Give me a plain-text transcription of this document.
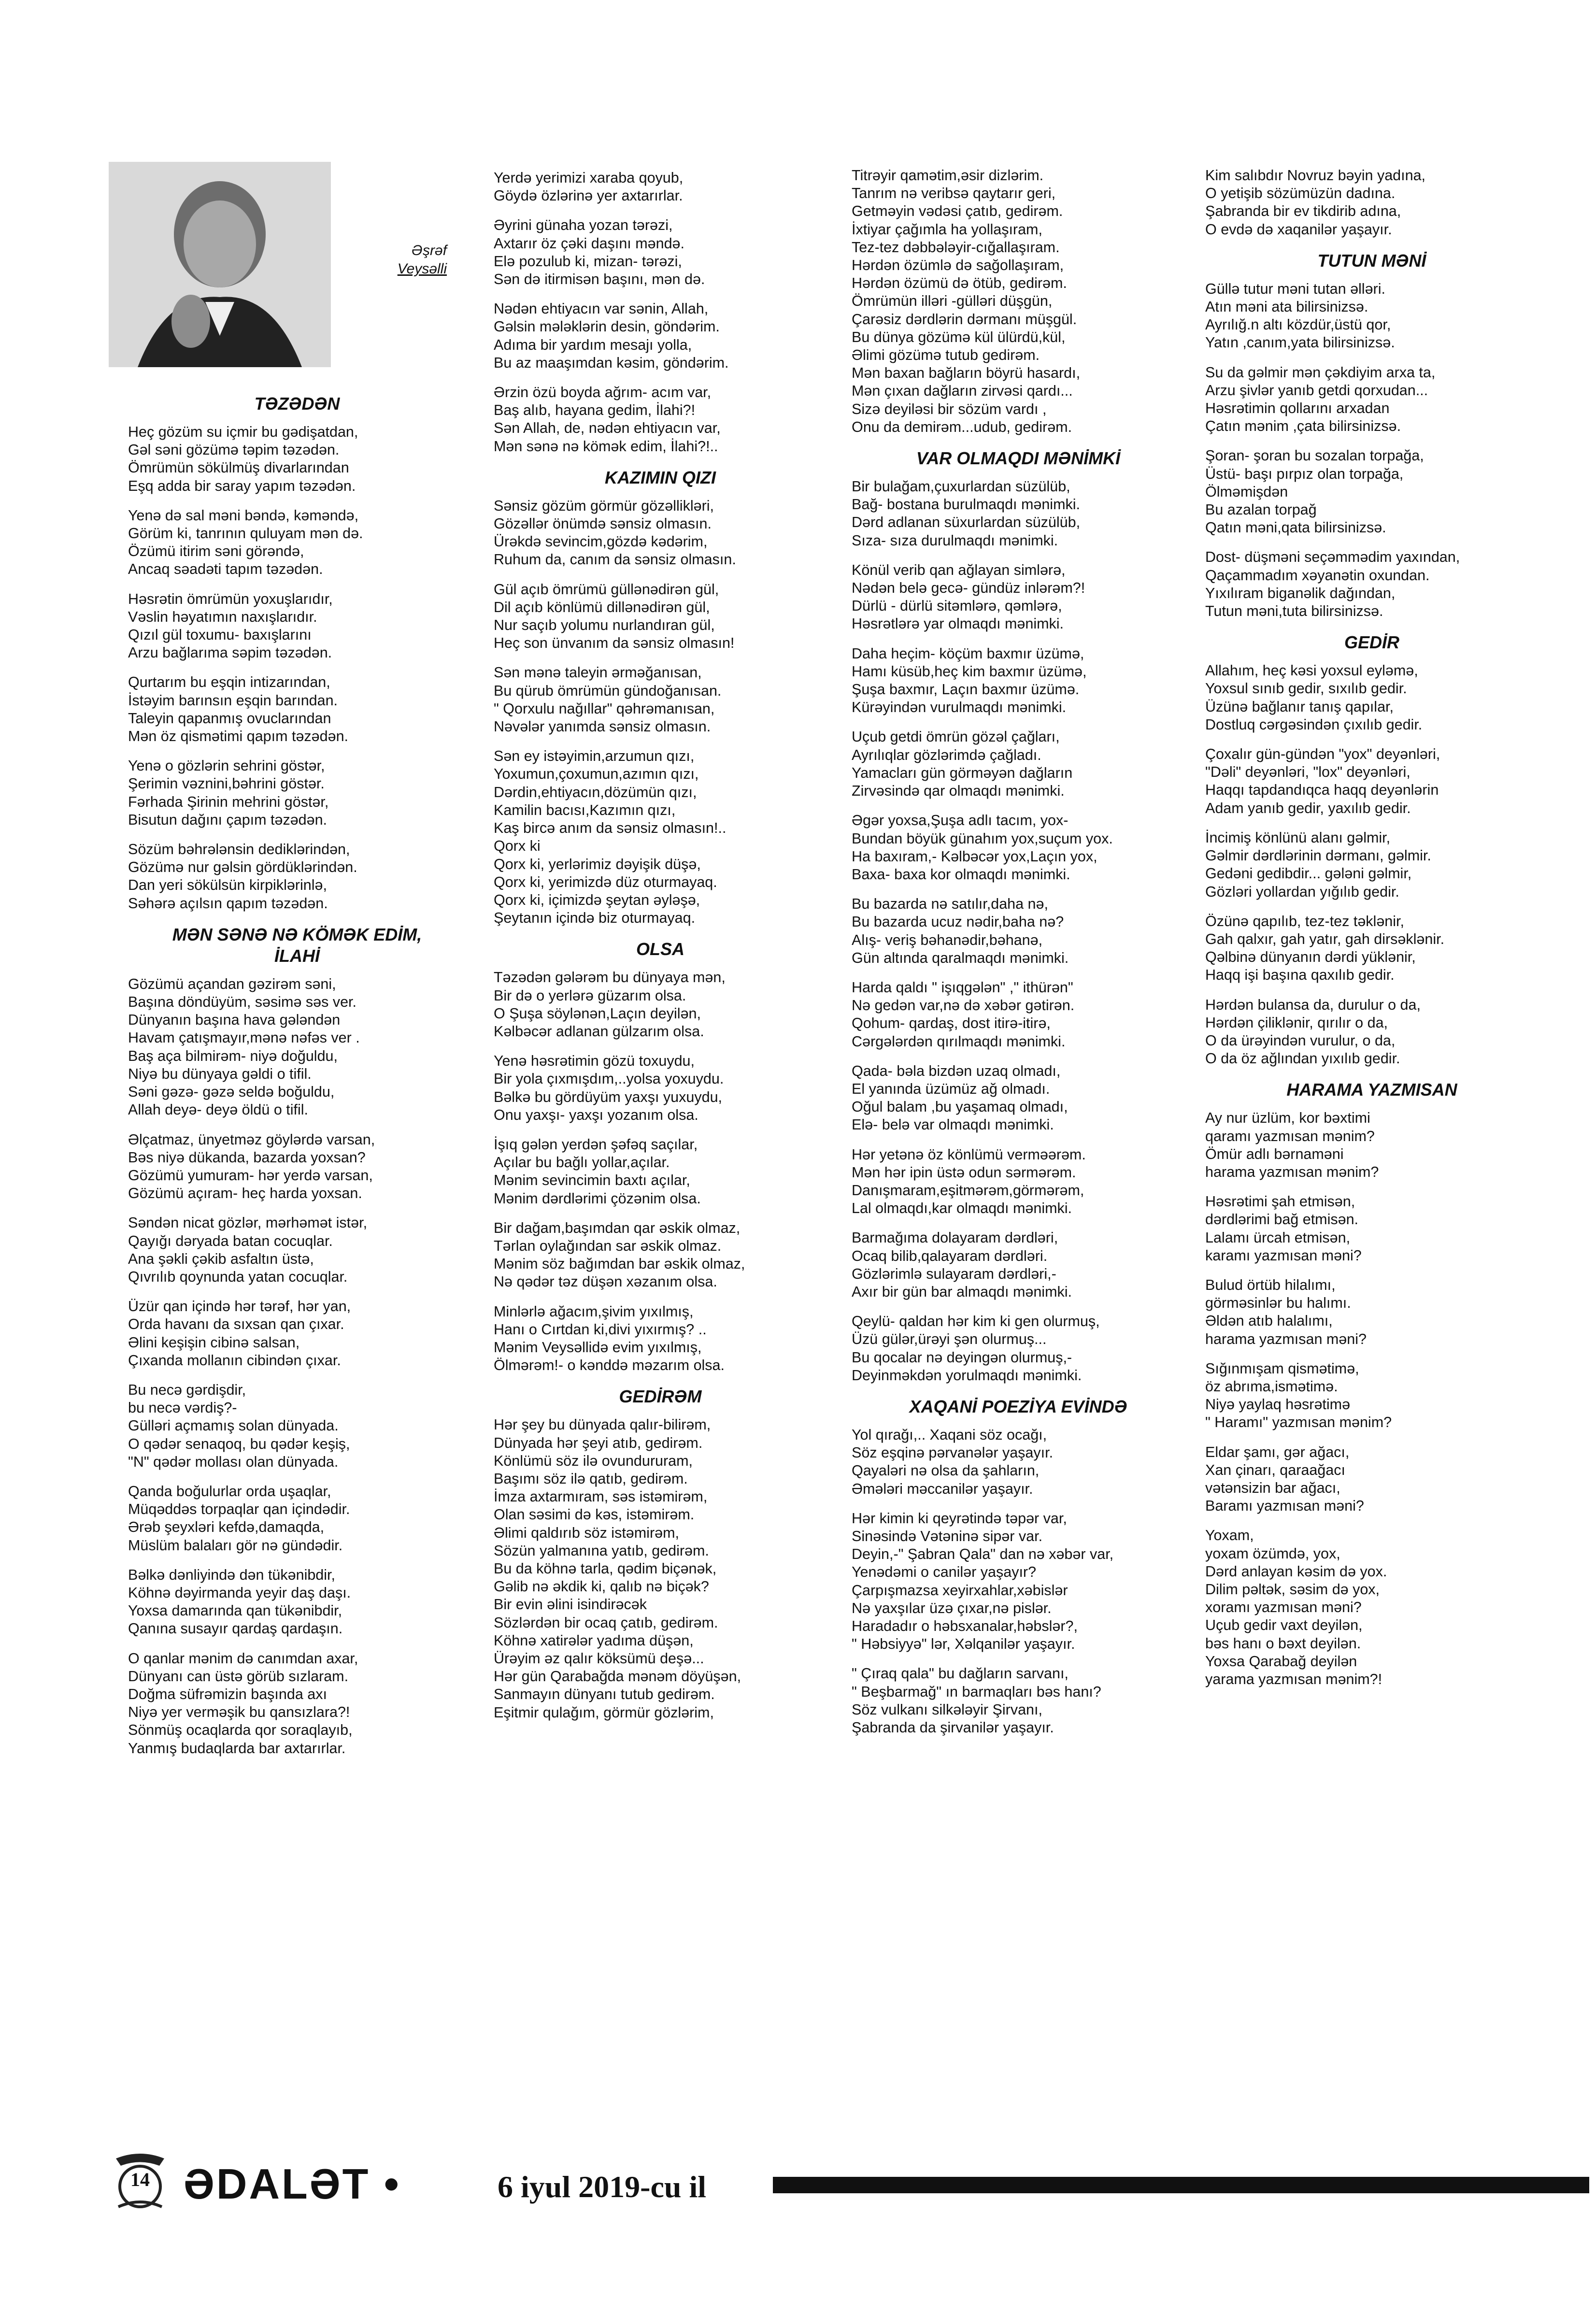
Əşrəf
Veysəlli
TƏZƏDƏN
Heç gözüm su içmir bu gədişatdan,
Gəl səni gözümə təpim təzədən.
Ömrümün sökülmüş divarlarından
Eşq adda bir saray yapım təzədən.
Yenə də sal məni bəndə, kəməndə,
Görüm ki, tanrının quluyam mən də.
Özümü itirim səni görəndə,
Ancaq səadəti tapım təzədən.
Həsrətin ömrümün yoxuşlarıdır,
Vəslin həyatımın naxışlarıdır.
Qızıl gül toxumu- baxışlarını
Arzu bağlarıma səpim təzədən.
Qurtarım bu eşqin intizarından,
İstəyim barınsın eşqin barından.
Taleyin qapanmış ovuclarından
Mən öz qismətimi qapım təzədən.
Yenə o gözlərin sehrini göstər,
Şerimin vəznini,bəhrini göstər.
Fərhada Şirinin mehrini göstər,
Bisutun dağını çapım təzədən.
Sözüm bəhrələnsin dediklərindən,
Gözümə nur gəlsin gördüklərindən.
Dan yeri sökülsün kirpiklərinlə,
Səhərə açılsın qapım təzədən.
MƏN SƏNƏ NƏ KÖMƏK EDİM,
İLAHİ
Gözümü açandan gəzirəm səni,
Başına döndüyüm, səsimə səs ver.
Dünyanın başına hava gələndən
Havam çatışmayır,mənə nəfəs ver .
Baş aça bilmirəm- niyə doğuldu,
Niyə bu dünyaya gəldi o tifil.
Səni gəzə- gəzə seldə boğuldu,
Allah deyə- deyə öldü o tifil.
Əlçatmaz, ünyetməz göylərdə varsan,
Bəs niyə dükanda, bazarda yoxsan?
Gözümü yumuram- hər yerdə varsan,
Gözümü açıram- heç harda yoxsan.
Səndən nicat gözlər, mərhəmət istər,
Qayığı dəryada batan cocuqlar.
Ana şəkli çəkib asfaltın üstə,
Qıvrılıb qoynunda yatan cocuqlar.
Üzür qan içində hər tərəf, hər yan,
Orda havanı da sıxsan qan çıxar.
Əlini keşişin cibinə salsan,
Çıxanda mollanın cibindən çıxar.
Bu necə gərdişdir,
bu necə vərdiş?-
Gülləri açmamış solan dünyada.
O qədər senaqoq, bu qədər keşiş,
"N" qədər mollası olan dünyada.
Qanda boğulurlar orda uşaqlar,
Müqəddəs torpaqlar qan içindədir.
Ərəb şeyxləri kefdə,damaqda,
Müslüm balaları gör nə gündədir.
Bəlkə dənliyində dən tükənibdir,
Köhnə dəyirmanda yeyir daş daşı.
Yoxsa damarında qan tükənibdir,
Qanına susayır qardaş qardaşın.
O qanlar mənim də canımdan axar,
Dünyanı can üstə görüb sızlaram.
Doğma süfrəmizin başında axı
Niyə yer verməşik bu qansızlara?!
Sönmüş ocaqlarda qor soraqlayıb,
Yanmış budaqlarda bar axtarırlar.
Yerdə yerimizi xaraba qoyub,
Göydə özlərinə yer axtarırlar.
Əyrini günaha yozan tərəzi,
Axtarır öz çəki daşını məndə.
Elə pozulub ki, mizan- tərəzi,
Sən də itirmisən başını, mən də.
Nədən ehtiyacın var sənin, Allah,
Gəlsin mələklərin desin, göndərim.
Adıma bir yardım mesajı yolla,
Bu az maaşımdan kəsim, göndərim.
Ərzin özü boyda ağrım- acım var,
Baş alıb, hayana gedim, İlahi?!
Sən Allah, de, nədən ehtiyacın var,
Mən sənə nə kömək edim, İlahi?!..
KAZIMIN QIZI
Sənsiz gözüm görmür gözəllikləri,
Gözəllər önümdə sənsiz olmasın.
Ürəkdə sevincim,gözdə kədərim,
Ruhum da, canım da sənsiz olmasın.
Gül açıb ömrümü güllənədirən gül,
Dil açıb könlümü dillənədirən gül,
Nur saçıb yolumu nurlandıran gül,
Heç son ünvanım da sənsiz olmasın!
Sən mənə taleyin ərməğanısan,
Bu qürub ömrümün gündoğanısan.
" Qorxulu nağıllar" qəhrəmanısan,
Nəvələr yanımda sənsiz olmasın.
Sən ey istəyimin,arzumun qızı,
Yoxumun,çoxumun,azımın qızı,
Dərdin,ehtiyacın,dözümün qızı,
Kamilin bacısı,Kazımın qızı,
Kaş bircə anım da sənsiz olmasın!..
Qorx ki
Qorx ki, yerlərimiz dəyişik düşə,
Qorx ki, yerimizdə düz oturmayaq.
Qorx ki, içimizdə şeytan əyləşə,
Şeytanın içində biz oturmayaq.
OLSA
Təzədən gələrəm bu dünyaya mən,
Bir də o yerlərə güzarım olsa.
O Şuşa söylənən,Laçın deyilən,
Kəlbəcər adlanan gülzarım olsa.
Yenə həsrətimin gözü toxuydu,
Bir yola çıxmışdım,..yolsa yoxuydu.
Bəlkə bu gördüyüm yaxşı yuxuydu,
Onu yaxşı- yaxşı yozanım olsa.
İşıq gələn yerdən şəfəq saçılar,
Açılar bu bağlı yollar,açılar.
Mənim sevincimin baxtı açılar,
Mənim dərdlərimi çözənim olsa.
Bir dağam,başımdan qar əskik olmaz,
Tərlan oylağından sar əskik olmaz.
Mənim söz bağımdan bar əskik olmaz,
Nə qədər təz düşən xəzanım olsa.
Minlərlə ağacım,şivim yıxılmış,
Hanı o Cırtdan ki,divi yıxırmış? ..
Mənim Veysəllidə evim yıxılmış,
Ölmərəm!- o kənddə məzarım olsa.
GEDİRƏM
Hər şey bu dünyada qalır-bilirəm,
Dünyada hər şeyi atıb, gedirəm.
Könlümü söz ilə ovundururam,
Başımı söz ilə qatıb, gedirəm.
İmza axtarmıram, səs istəmirəm,
Olan səsimi də kəs, istəmirəm.
Əlimi qaldırıb söz istəmirəm,
Sözün yalmanına yatıb, gedirəm.
Bu da köhnə tarla, qədim biçənək,
Gəlib nə əkdik ki, qalıb nə biçək?
Bir evin əlini isindirəcək
Sözlərdən bir ocaq çatıb, gedirəm.
Köhnə xatirələr yadıma düşən,
Ürəyim əz qalır köksümü deşə...
Hər gün Qarabağda mənəm döyüşən,
Sanmayın dünyanı tutub gedirəm.
Eşitmir qulağım, görmür gözlərim,
Titrəyir qamətim,əsir dizlərim.
Tanrım nə veribsə qaytarır geri,
Getməyin vədəsi çatıb, gedirəm.
İxtiyar çağımla ha yollaşıram,
Tez-tez dəbbələyir-cığallaşıram.
Hərdən özümlə də sağollaşıram,
Hərdən özümü də ötüb, gedirəm.
Ömrümün illəri -gülləri düşgün,
Çarəsiz dərdlərin dərmanı müşgül.
Bu dünya gözümə kül ülürdü,kül,
Əlimi gözümə tutub gedirəm.
Mən baxan bağların böyrü hasardı,
Mən çıxan dağların zirvəsi qardı...
Sizə deyiləsi bir sözüm vardı ,
Onu da demirəm...udub, gedirəm.
VAR OLMAQDI MƏNİMKİ
Bir bulağam,çuxurlardan süzülüb,
Bağ- bostana burulmaqdı mənimki.
Dərd adlanan süxurlardan süzülüb,
Sıza- sıza durulmaqdı mənimki.
Könül verib qan ağlayan simlərə,
Nədən belə gecə- gündüz inlərəm?!
Dürlü - dürlü sitəmlərə, qəmlərə,
Həsrətlərə yar olmaqdı mənimki.
Daha heçim- köçüm baxmır üzümə,
Hamı küsüb,heç kim baxmır üzümə,
Şuşa baxmır, Laçın baxmır üzümə.
Kürəyindən vurulmaqdı mənimki.
Uçub getdi ömrün gözəl çağları,
Ayrılıqlar gözlərimdə çağladı.
Yamacları gün görməyən dağların
Zirvəsində qar olmaqdı mənimki.
Əgər yoxsa,Şuşa adlı tacım, yox-
Bundan böyük günahım yox,suçum yox.
Ha baxıram,- Kəlbəcər yox,Laçın yox,
Baxa- baxa kor olmaqdı mənimki.
Bu bazarda nə satılır,daha nə,
Bu bazarda ucuz nədir,baha nə?
Alış- veriş bəhanədir,bəhanə,
Gün altında qaralmaqdı mənimki.
Harda qaldı " işıqgələn" ," ithürən"
Nə gedən var,nə də xəbər gətirən.
Qohum- qardaş, dost itirə-itirə,
Cərgələrdən qırılmaqdı mənimki.
Qada- bəla bizdən uzaq olmadı,
El yanında üzümüz ağ olmadı.
Oğul balam ,bu yaşamaq olmadı,
Elə- belə var olmaqdı mənimki.
Hər yetənə öz könlümü verməərəm.
Mən hər ipin üstə odun sərmərəm.
Danışmaram,eşitmərəm,görmərəm,
Lal olmaqdı,kar olmaqdı mənimki.
Barmağıma dolayaram dərdləri,
Ocaq bilib,qalayaram dərdləri.
Gözlərimlə sulayaram dərdləri,-
Axır bir gün bar almaqdı mənimki.
Qeylü- qaldan hər kim ki gen olurmuş,
Üzü gülər,ürəyi şən olurmuş...
Bu qocalar nə deyingən olurmuş,-
Deyinməkdən yorulmaqdı mənimki.
XAQANİ POEZİYA EVİNDƏ
Yol qırağı,.. Xaqani söz ocağı,
Söz eşqinə pərvanələr yaşayır.
Qayaləri nə olsa da şahların,
Əmələri məccanilər yaşayır.
Hər kimin ki qeyrətində təpər var,
Sinəsində Vətəninə sipər var.
Deyin,-" Şabran Qala" dan nə xəbər var,
Yenədəmi o canilər yaşayır?
Çarpışmazsa xeyirxahlar,xəbislər
Nə yaxşılar üzə çıxar,nə pislər.
Haradadır o həbsxanalar,həbslər?,
" Həbsiyyə" lər, Xəlqanilər yaşayır.
" Çıraq qala" bu dağların sarvanı,
" Beşbarmağ" ın barmaqları bəs hanı?
Söz vulkanı silkələyir Şirvanı,
Şabranda da şirvanilər yaşayır.
Kim salıbdır Novruz bəyin yadına,
O yetişib sözümüzün dadına.
Şabranda bir ev tikdirib adına,
O evdə də xaqanilər yaşayır.
TUTUN MƏNİ
Güllə tutur məni tutan əlləri.
Atın məni ata bilirsinizsə.
Ayrılığ.n altı közdür,üstü qor,
Yatın ,canım,yata bilirsinizsə.
Su da gəlmir mən çəkdiyim arxa ta,
Arzu şivlər yanıb getdi qorxudan...
Həsrətimin qollarını arxadan
Çatın mənim ,çata bilirsinizsə.
Şoran- şoran bu sozalan torpağa,
Üstü- başı pırpız olan torpağa,
Ölməmişdən
Bu azalan torpağ
Qatın məni,qata bilirsinizsə.
Dost- düşməni seçəmmədim yaxından,
Qaçammadım xəyanətin oxundan.
Yıxılıram biganəlik dağından,
Tutun məni,tuta bilirsinizsə.
GEDİR
Allahım, heç kəsi yoxsul eyləmə,
Yoxsul sınıb gedir, sıxılıb gedir.
Üzünə bağlanır tanış qapılar,
Dostluq cərgəsindən çıxılıb gedir.
Çoxalır gün-gündən "yox" deyənləri,
"Dəli" deyənləri, "lox" deyənləri,
Haqqı tapdandıqca haqq deyənlərin
Adam yanıb gedir, yaxılıb gedir.
İncimiş könlünü alanı gəlmir,
Gəlmir dərdlərinin dərmanı, gəlmir.
Gedəni gedibdir... gələni gəlmir,
Gözləri yollardan yığılıb gedir.
Özünə qapılıb, tez-tez təklənir,
Gah qalxır, gah yatır, gah dirsəklənir.
Qəlbinə dünyanın dərdi yüklənir,
Haqq işi başına qaxılıb gedir.
Hərdən bulansa da, durulur o da,
Hərdən çiliklənir, qırılır o da,
O da ürəyindən vurulur, o da,
O da öz ağlından yıxılıb gedir.
HARAMA YAZMISAN
Ay nur üzlüm, kor bəxtimi
qaramı yazmısan mənim?
Ömür adlı bərnaməni
harama yazmısan mənim?
Həsrətimi şah etmisən,
dərdlərimi bağ etmisən.
Lalamı ürcah etmisən,
karamı yazmısan məni?
Bulud örtüb hilalımı,
görməsinlər bu halımı.
Əldən atıb halalımı,
harama yazmısan məni?
Sığınmışam qismətimə,
öz abrıma,ismətimə.
Niyə yaylaq həsrətimə
" Haramı" yazmısan mənim?
Eldar şamı, gər ağacı,
Xan çinarı, qaraağacı
vətənsizin bar ağacı,
Baramı yazmısan məni?
Yoxam,
yoxam özümdə, yox,
Dərd anlayan kəsim də yox.
Dilim pəltək, səsim də yox,
xoramı yazmısan məni?
Uçub gedir vaxt deyilən,
bəs hanı o bəxt deyilən.
Yoxsa Qarabağ deyilən
yarama yazmısan mənim?!
14 ƏDALƏT •	6 iyul 2019-cu il
